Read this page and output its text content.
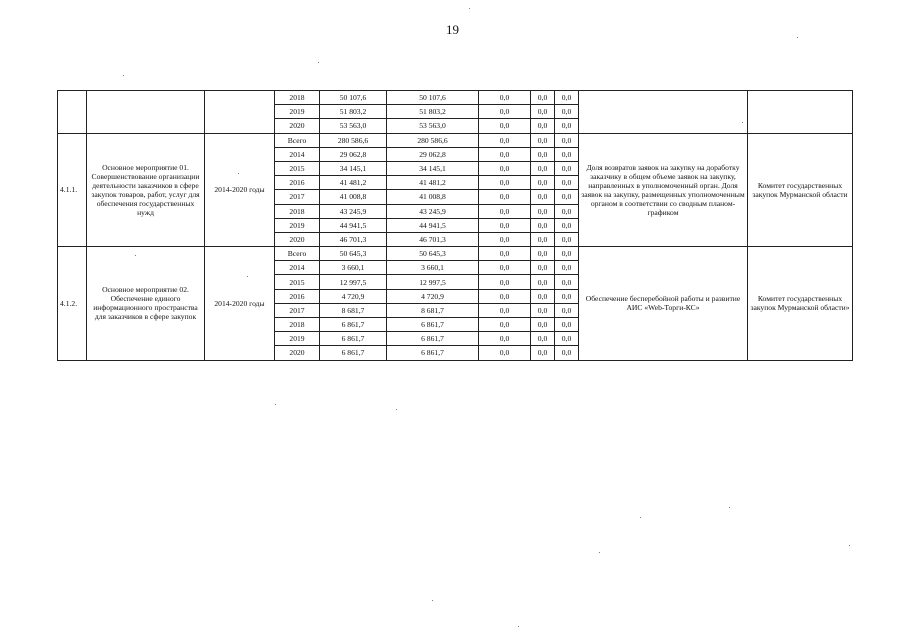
19
			2018	50 107,6	50 107,6	0,0	0,0	0,0		
			2019	51 803,2	51 803,2	0,0	0,0	0,0		
			2020	53 563,0	53 563,0	0,0	0,0	0,0		
4.1.1.	Основное мероприятие 01. Совершенствование организации деятельности заказчиков в сфере закупок товаров, работ, услуг для обеспечения государственных нужд	2014-2020 годы	Всего	280 586,6	280 586,6	0,0	0,0	0,0	Доля возвратов заявок на закупку на доработку заказчику в общем объеме заявок на закупку, направленных в уполномоченный орган. Доля заявок на закупку, размещенных уполномоченным органом в соответствии со сводным планом-графиком	Комитет государственных закупок Мурманской области
			2014	29 062,8	29 062,8	0,0	0,0	0,0		
			2015	34 145,1	34 145,1	0,0	0,0	0,0		
			2016	41 481,2	41 481,2	0,0	0,0	0,0		
			2017	41 008,8	41 008,8	0,0	0,0	0,0		
			2018	43 245,9	43 245,9	0,0	0,0	0,0		
			2019	44 941,5	44 941,5	0,0	0,0	0,0		
			2020	46 701,3	46 701,3	0,0	0,0	0,0		
4.1.2.	Основное мероприятие 02. Обеспечение единого информационного пространства для заказчиков в сфере закупок	2014-2020 годы	Всего	50 645,3	50 645,3	0,0	0,0	0,0	Обеспечение бесперебойной работы и развитие АИС «Web-Торги-КС»	Комитет государственных закупок Мурманской области»
			2014	3 660,1	3 660,1	0,0	0,0	0,0		
			2015	12 997,5	12 997,5	0,0	0,0	0,0		
			2016	4 720,9	4 720,9	0,0	0,0	0,0		
			2017	8 681,7	8 681,7	0,0	0,0	0,0		
			2018	6 861,7	6 861,7	0,0	0,0	0,0		
			2019	6 861,7	6 861,7	0,0	0,0	0,0		
			2020	6 861,7	6 861,7	0,0	0,0	0,0		
